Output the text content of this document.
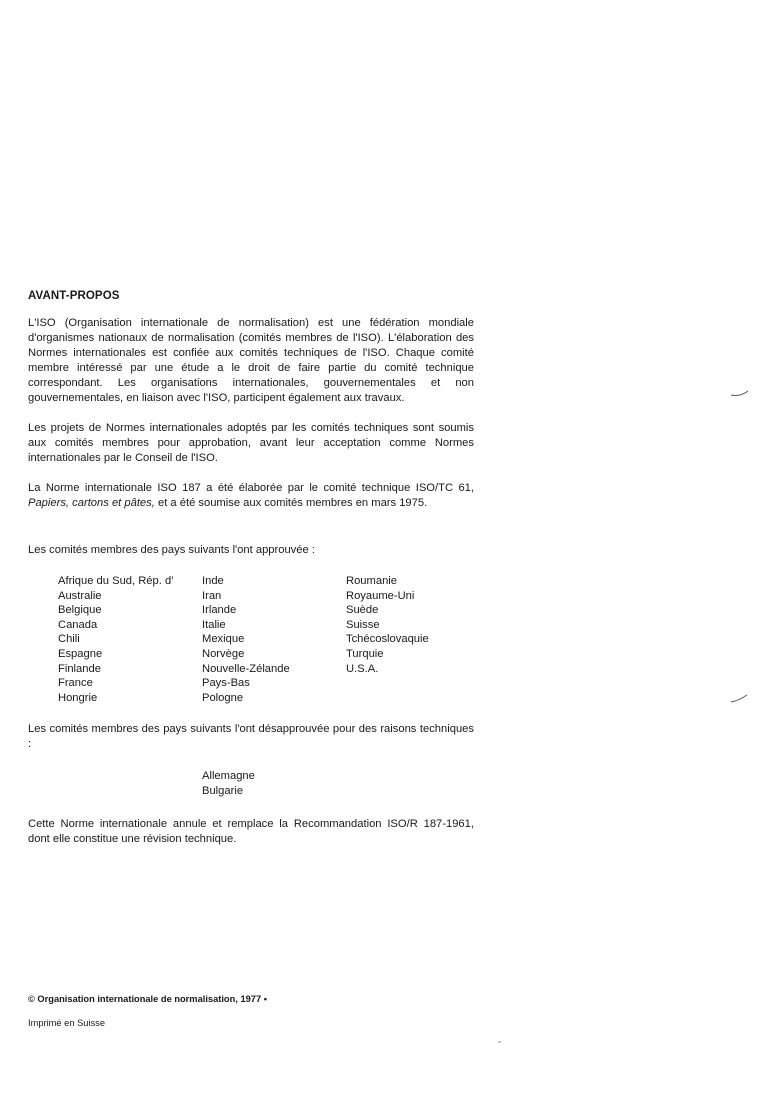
AVANT-PROPOS

L'ISO (Organisation internationale de normalisation) est une fédération mondiale d'organismes nationaux de normalisation (comités membres de l'ISO). L'élaboration des Normes internationales est confiée aux comités techniques de l'ISO. Chaque comité membre intéressé par une étude a le droit de faire partie du comité technique correspondant. Les organisations internationales, gouvernementales et non gouvernementales, en liaison avec l'ISO, participent également aux travaux.

Les projets de Normes internationales adoptés par les comités techniques sont soumis aux comités membres pour approbation, avant leur acceptation comme Normes internationales par le Conseil de l'ISO.

La Norme internationale ISO 187 a été élaborée par le comité technique ISO/TC 61, Papiers, cartons et pâtes, et a été soumise aux comités membres en mars 1975.

Les comités membres des pays suivants l'ont approuvée :

Afrique du Sud, Rép. d'
Australie
Belgique
Canada
Chili
Espagne
Finlande
France
Hongrie
Inde
Iran
Irlande
Italie
Mexique
Norvège
Nouvelle-Zélande
Pays-Bas
Pologne
Roumanie
Royaume-Uni
Suède
Suisse
Tchécoslovaquie
Turquie
U.S.A.

Les comités membres des pays suivants l'ont désapprouvée pour des raisons techniques :

Allemagne
Bulgarie

Cette Norme internationale annule et remplace la Recommandation ISO/R 187-1961, dont elle constitue une révision technique.

© Organisation internationale de normalisation, 1977 •
Imprimé en Suisse
